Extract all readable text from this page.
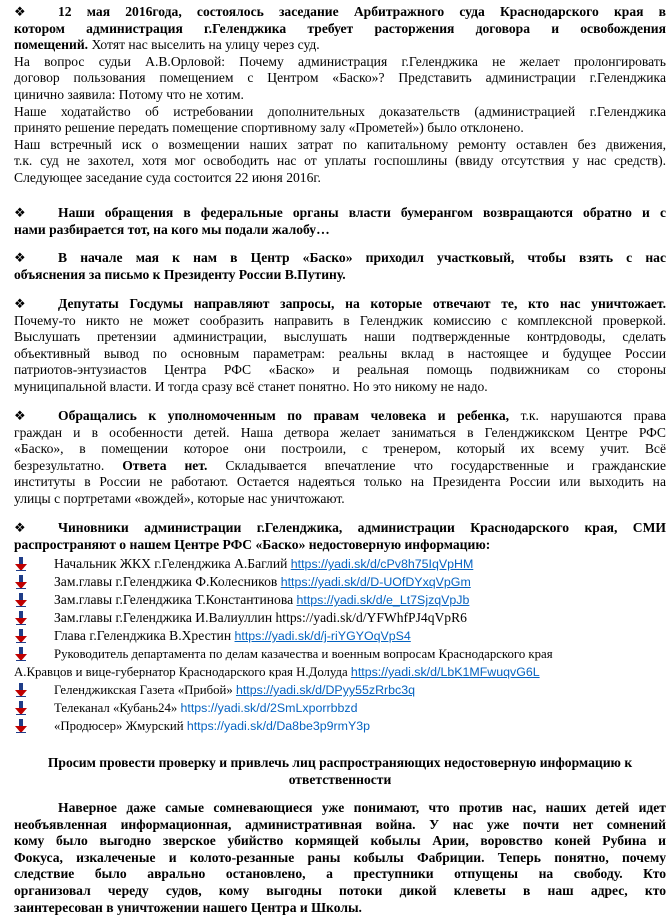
❖	12 мая 2016года, состоялось заседание Арбитражного суда Краснодарского края в
котором администрация г.Геленджика требует расторжения договора и освобождения
помещений. Хотят нас выселить на улицу через суд.
На вопрос судьи А.В.Орловой: Почему администрация г.Геленджика не желает пролонгировать
договор пользования помещением с Центром «Баско»? Представить администрации г.Геленджика
цинично заявила: Потому что не хотим.
Наше ходатайство об истребовании дополнительных доказательств (администрацией г.Геленджика
принято решение передать помещение спортивному залу «Прометей») было отклонено.
Наш встречный иск о возмещении наших затрат по капитальному ремонту оставлен без движения,
т.к. суд не захотел, хотя мог освободить нас от уплаты госпошлины (ввиду отсутствия у нас средств).
Следующее заседание суда состоится 22 июня 2016г.
❖	Наши обращения в федеральные органы власти бумерангом возвращаются обратно и с
нами разбирается тот, на кого мы подали жалобу…
❖	В начале мая к нам в Центр «Баско» приходил участковый, чтобы взять с нас
объяснения за письмо к Президенту России В.Путину.
❖	Депутаты Госдумы направляют запросы, на которые отвечают те, кто нас уничтожает.
Почему-то никто не может сообразить направить в Геленджик комиссию с комплексной проверкой.
Выслушать претензии администрации, выслушать наши подтвержденные контрдоводы, сделать
объективный вывод по основным параметрам: реальны вклад в настоящее и будущее России
патриотов-энтузиастов Центра РФС «Баско» и реальная помощь подвижникам со стороны
муниципальной власти. И тогда сразу всё станет понятно. Но это никому не надо.
❖	Обращались к уполномоченным по правам человека и ребенка, т.к. нарушаются права
граждан и в особенности детей. Наша детвора желает заниматься в Геленджикском Центре РФС
«Баско», в помещении которое они построили, с тренером, который их всему учит. Всё
безрезультатно. Ответа нет. Складывается впечатление что государственные и гражданские
институты в России не работают. Остается надеяться только на Президента России или выходить на
улицы с портретами «вождей», которые нас уничтожают.
❖	Чиновники администрации г.Геленджика, администрации Краснодарского края, СМИ
распространяют о нашем Центре РФС «Баско» недостоверную информацию:
Начальник ЖКХ г.Геленджика А.Баглий https://yadi.sk/d/cPv8h75IqVpHM
Зам.главы г.Геленджика Ф.Колесников https://yadi.sk/d/D-UOfDYxqVpGm
Зам.главы г.Геленджика Т.Константинова https://yadi.sk/d/e_Lt7SjzqVpJb
Зам.главы г.Геленджика И.Валиуллин https://yadi.sk/d/YFWhfPJ4qVpR6
Глава г.Геленджика В.Хрестин https://yadi.sk/d/j-riYGYOqVpS4
Руководитель департамента по делам казачества и военным вопросам Краснодарского края
А.Кравцов и вице-губернатор Краснодарского края Н.Долуда https://yadi.sk/d/LbK1MFwuqvG6L
Геленджикская Газета «Прибой» https://yadi.sk/d/DPyy55zRrbc3q
Телеканал «Кубань24» https://yadi.sk/d/2SmLxporrbbzd
«Продюсер» Жмурский https://yadi.sk/d/Da8be3p9rmY3p
Просим провести проверку и привлечь лиц распространяющих недостоверную информацию к
ответственности
Наверное даже самые сомневающиеся уже понимают, что против нас, наших детей идет
необъявленная информационная, административная война. У нас уже почти нет сомнений
кому было выгодно зверское убийство кормящей кобылы Арии, воровство коней Рубина и
Фокуса, изкалеченые и колото-резанные раны кобылы Фабриции. Теперь понятно, почему
следствие было аврально остановлено, а преступники отпущены на свободу. Кто
организовал череду судов, кому выгодны потоки дикой клеветы в наш адрес, кто
заинтересован в уничтожении нашего Центра и Школы.
